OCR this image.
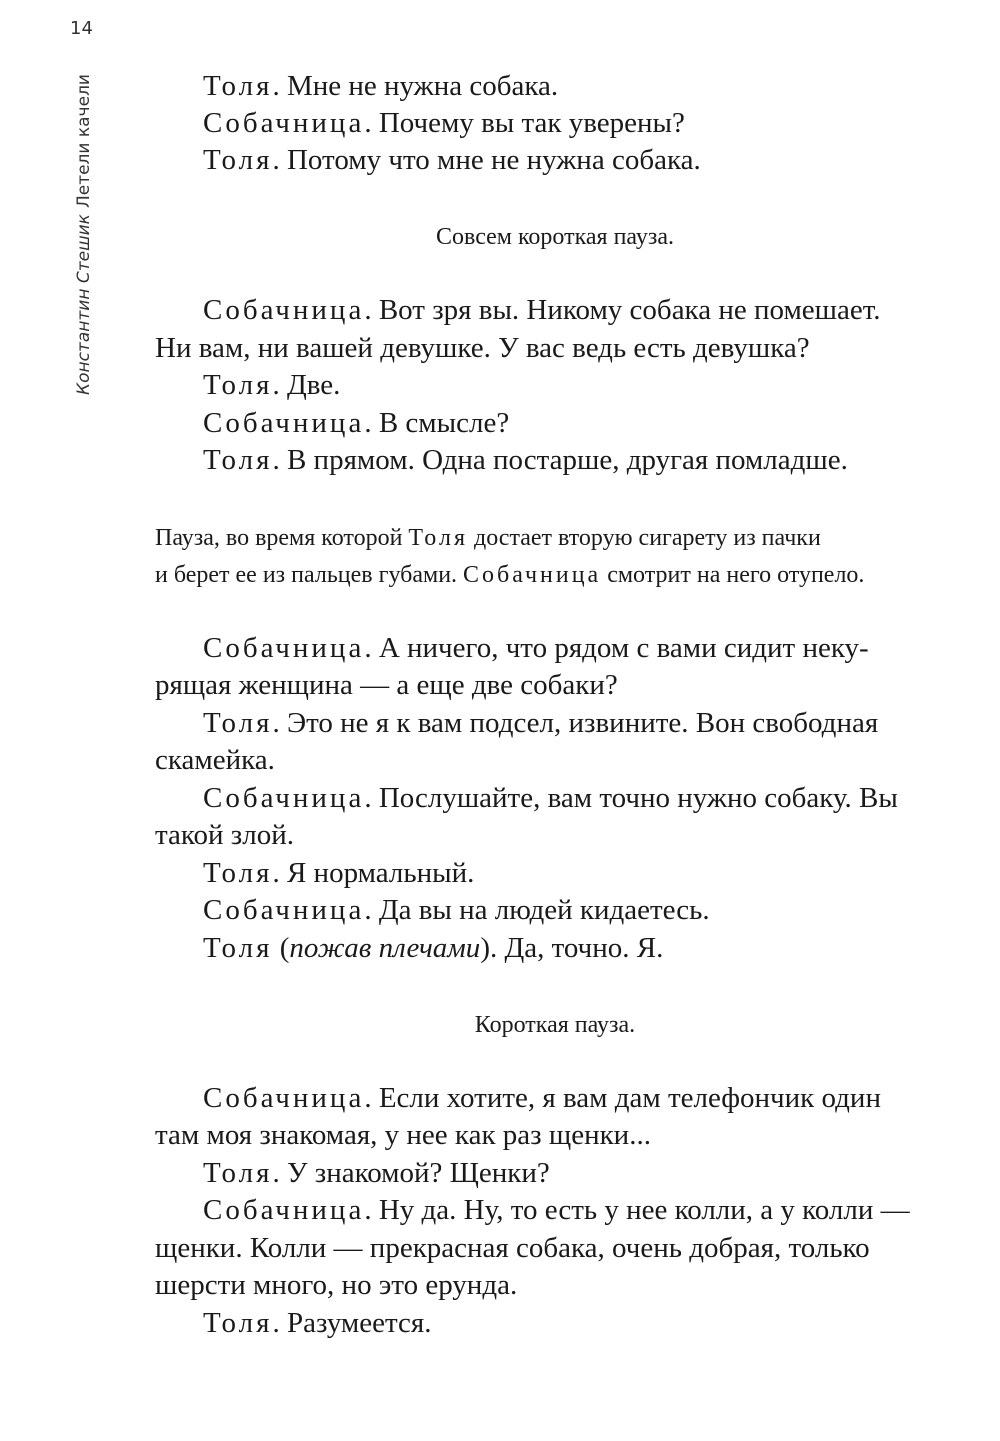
14
Константин СтешикЛетели качели	Толя. Мне не нужна собака.
Собачница. Почему вы так уверены?
Толя. Потому что мне не нужна собака.
Совсем короткая пауза.
Собачница. Вот зря вы. Никому собака не помешает.
Ни вам, ни вашей девушке. У вас ведь есть девушка?
Толя. Две.
Собачница. В смысле?
Толя. В прямом. Одна постарше, другая помладше.
Пауза, во время которой Толя достает вторую сигарету из пачки
и берет ее из пальцев губами. Собачница смотрит на него отупело.
Собачница. А ничего, что рядом с вами сидит неку-
рящая женщина — а еще две собаки?
Толя. Это не я к вам подсел, извините. Вон свободная
скамейка.
Собачница. Послушайте, вам точно нужно собаку. Вы
такой злой.
Толя. Я нормальный.
Собачница. Да вы на людей кидаетесь.
Толя (пожав плечами). Да, точно. Я.
Короткая пауза.
Собачница. Если хотите, я вам дам телефончик один
там моя знакомая, у нее как раз щенки...
Толя. У знакомой? Щенки?
Собачница. Ну да. Ну, то есть у нее колли, а у колли —
щенки. Колли — прекрасная собака, очень добрая, только
шерсти много, но это ерунда.
Толя. Разумеется.
